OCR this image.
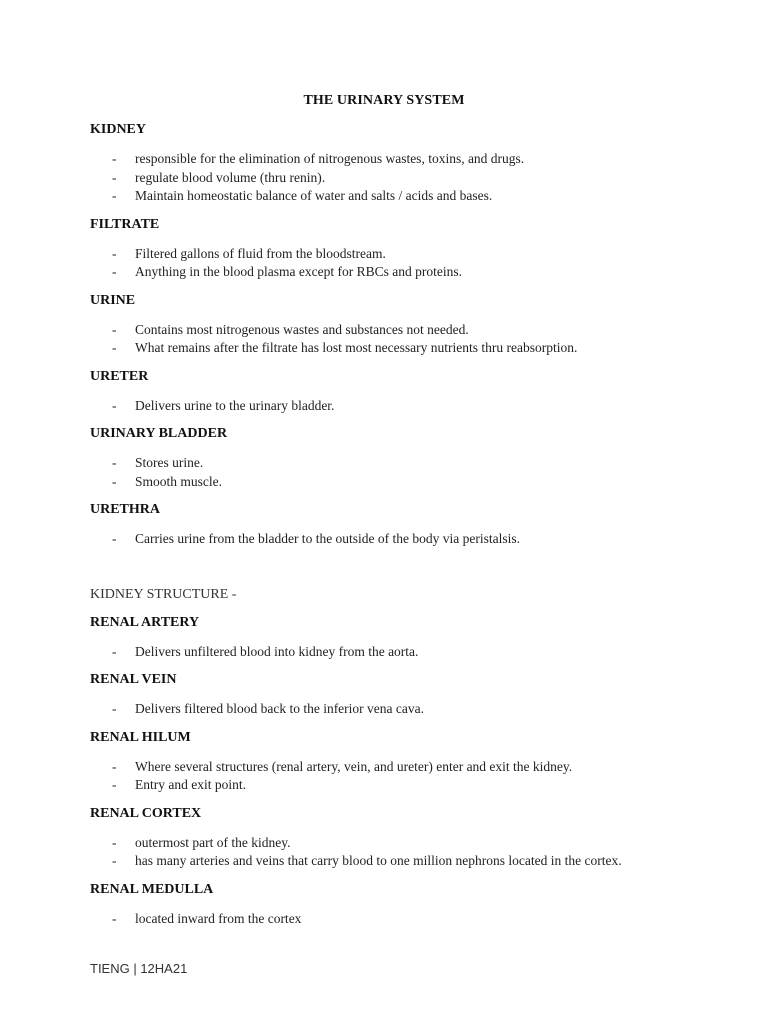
THE URINARY SYSTEM
KIDNEY
- responsible for the elimination of nitrogenous wastes, toxins, and drugs.
- regulate blood volume (thru renin).
- Maintain homeostatic balance of water and salts / acids and bases.
FILTRATE
- Filtered gallons of fluid from the bloodstream.
- Anything in the blood plasma except for RBCs and proteins.
URINE
- Contains most nitrogenous wastes and substances not needed.
- What remains after the filtrate has lost most necessary nutrients thru reabsorption.
URETER
- Delivers urine to the urinary bladder.
URINARY BLADDER
- Stores urine.
- Smooth muscle.
URETHRA
- Carries urine from the bladder to the outside of the body via peristalsis.
KIDNEY STRUCTURE -
RENAL ARTERY
- Delivers unfiltered blood into kidney from the aorta.
RENAL VEIN
- Delivers filtered blood back to the inferior vena cava.
RENAL HILUM
- Where several structures (renal artery, vein, and ureter) enter and exit the kidney.
- Entry and exit point.
RENAL CORTEX
- outermost part of the kidney.
- has many arteries and veins that carry blood to one million nephrons located in the cortex.
RENAL MEDULLA
- located inward from the cortex
TIENG | 12HA21
